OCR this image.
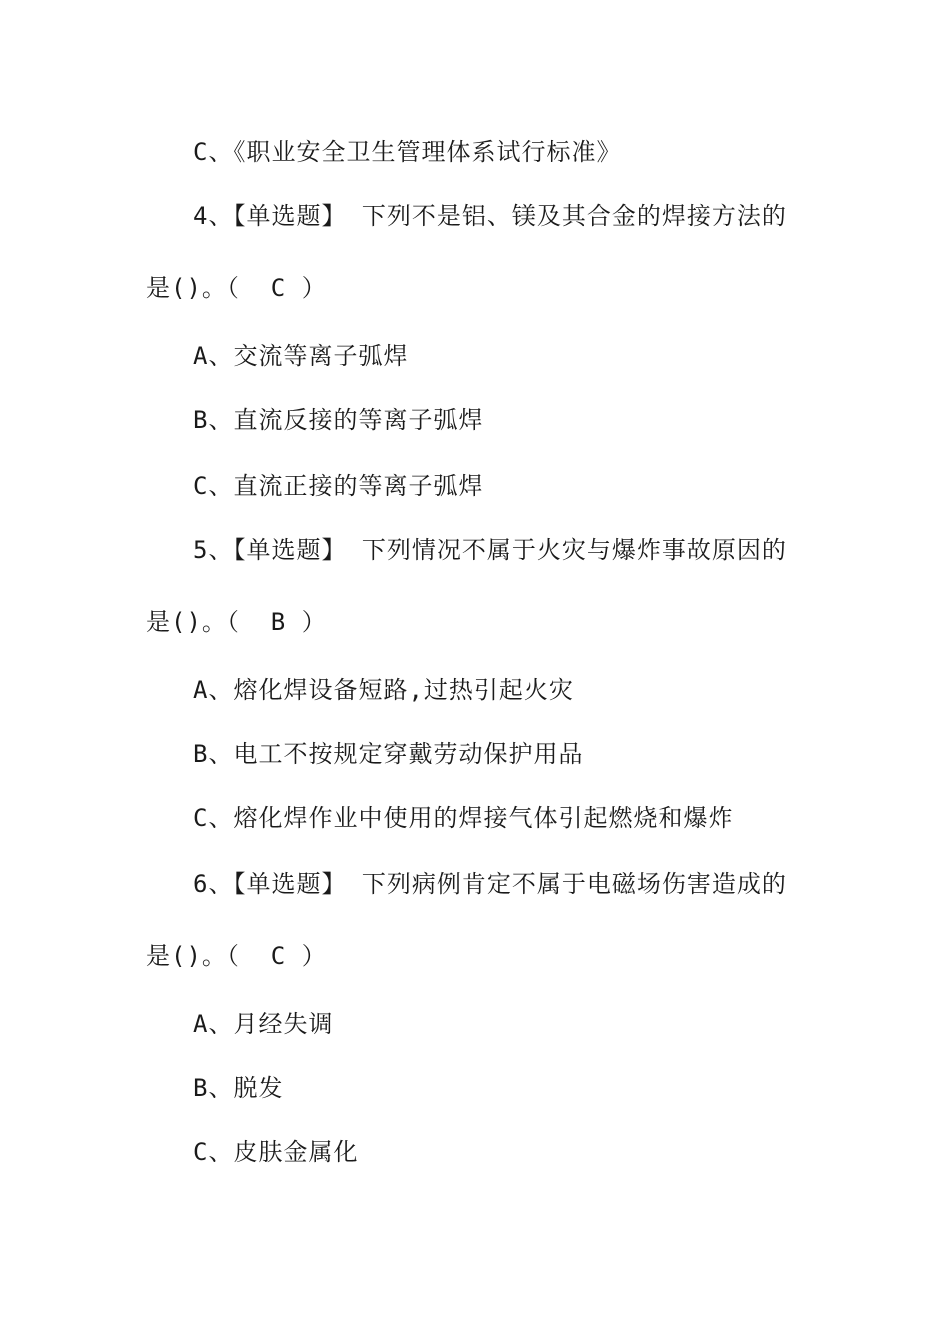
C、《职业安全卫生管理体系试行标准》
4、【单选题】 下列不是铝、镁及其合金的焊接方法的
是()。（  C ）
A、交流等离子弧焊
B、直流反接的等离子弧焊
C、直流正接的等离子弧焊
5、【单选题】 下列情况不属于火灾与爆炸事故原因的
是()。（  B ）
A、熔化焊设备短路,过热引起火灾
B、电工不按规定穿戴劳动保护用品
C、熔化焊作业中使用的焊接气体引起燃烧和爆炸
6、【单选题】 下列病例肯定不属于电磁场伤害造成的
是()。（  C ）
A、月经失调
B、脱发
C、皮肤金属化
